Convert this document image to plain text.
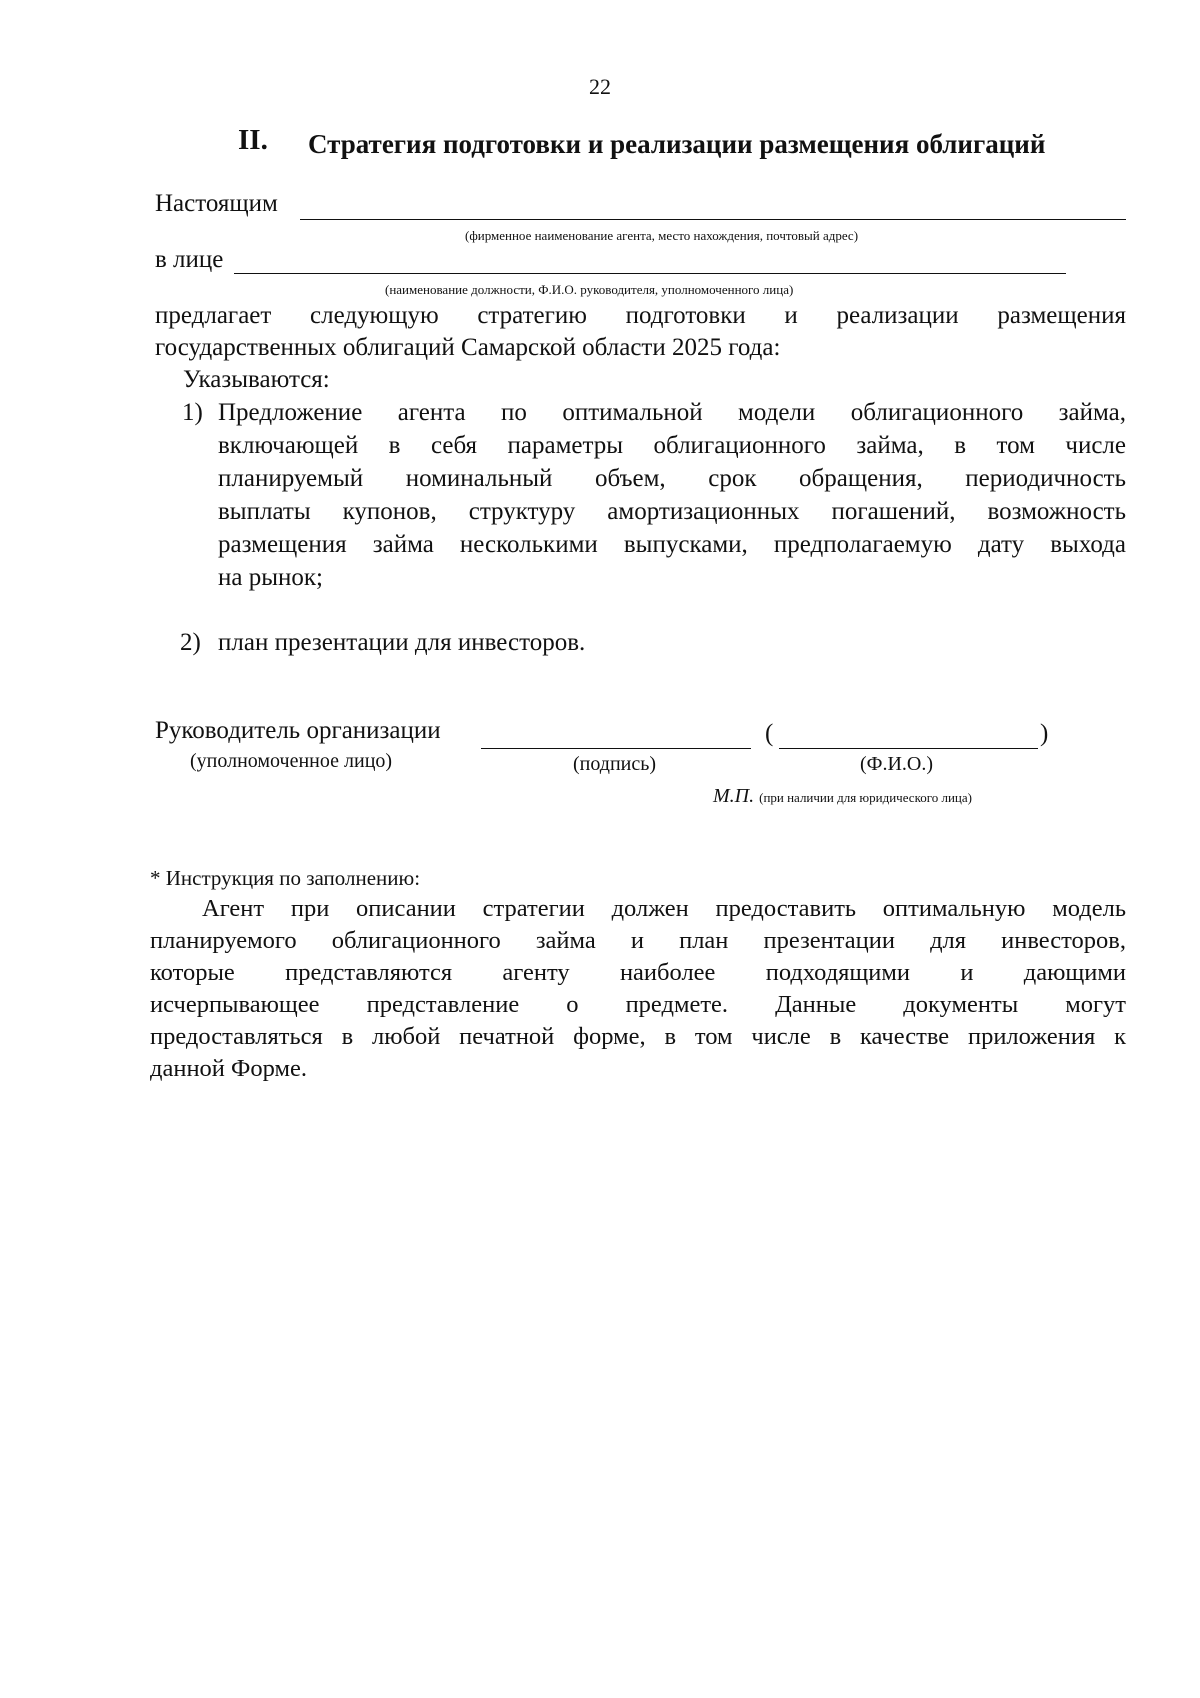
22
II. Стратегия подготовки и реализации размещения облигаций
Настоящим
(фирменное наименование агента, место нахождения, почтовый адрес)
в лице
(наименование должности, Ф.И.О. руководителя, уполномоченного лица)
предлагает следующую стратегию подготовки и реализации размещения
государственных облигаций Самарской области 2025 года:
Указываются:
1) Предложение агента по оптимальной модели облигационного займа,
включающей в себя параметры облигационного займа, в том числе
планируемый номинальный объем, срок обращения, периодичность
выплаты купонов, структуру амортизационных погашений, возможность
размещения займа несколькими выпусками, предполагаемую дату выхода
на рынок;
2) план презентации для инвесторов.
Руководитель организации	(	)
(уполномоченное лицо)	(подпись)	(Ф.И.О.)
М.П. (при наличии для юридического лица)
* Инструкция по заполнению:
Агент при описании стратегии должен предоставить оптимальную модель
планируемого облигационного займа и план презентации для инвесторов,
которые представляются агенту наиболее подходящими и дающими
исчерпывающее представление о предмете. Данные документы могут
предоставляться в любой печатной форме, в том числе в качестве приложения к
данной Форме.
